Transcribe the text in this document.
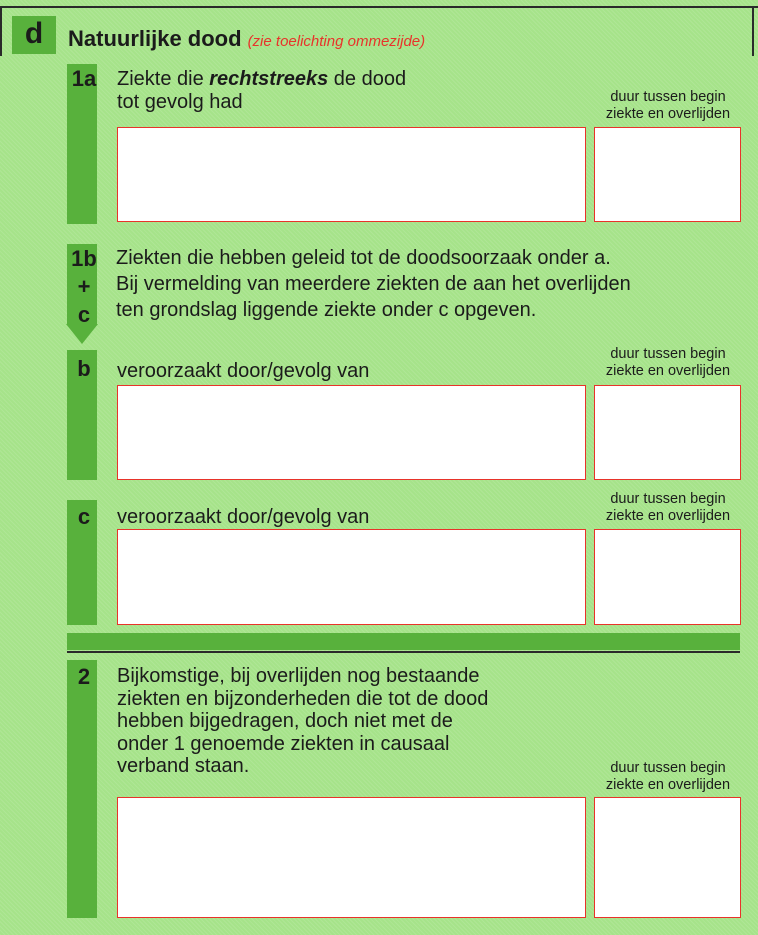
d	Natuurlijke dood (zie toelichting ommezijde)
1a Ziekte die rechtstreeks de dood
tot gevolg had	duur tussen begin
ziekte en overlijden
1b
+
c
Ziekten die hebben geleid tot de doodsoorzaak onder a.
Bij vermelding van meerdere ziekten de aan het overlijden
ten grondslag liggende ziekte onder c opgeven.
b	veroorzaakt door/gevolg van
duur tussen begin
ziekte en overlijden
c	veroorzaakt door/gevolg van
duur tussen begin
ziekte en overlijden
2	Bijkomstige, bij overlijden nog bestaande
ziekten en bijzonderheden die tot de dood
hebben bijgedragen, doch niet met de
onder 1 genoemde ziekten in causaal
verband staan.	duur tussen begin
ziekte en overlijden
